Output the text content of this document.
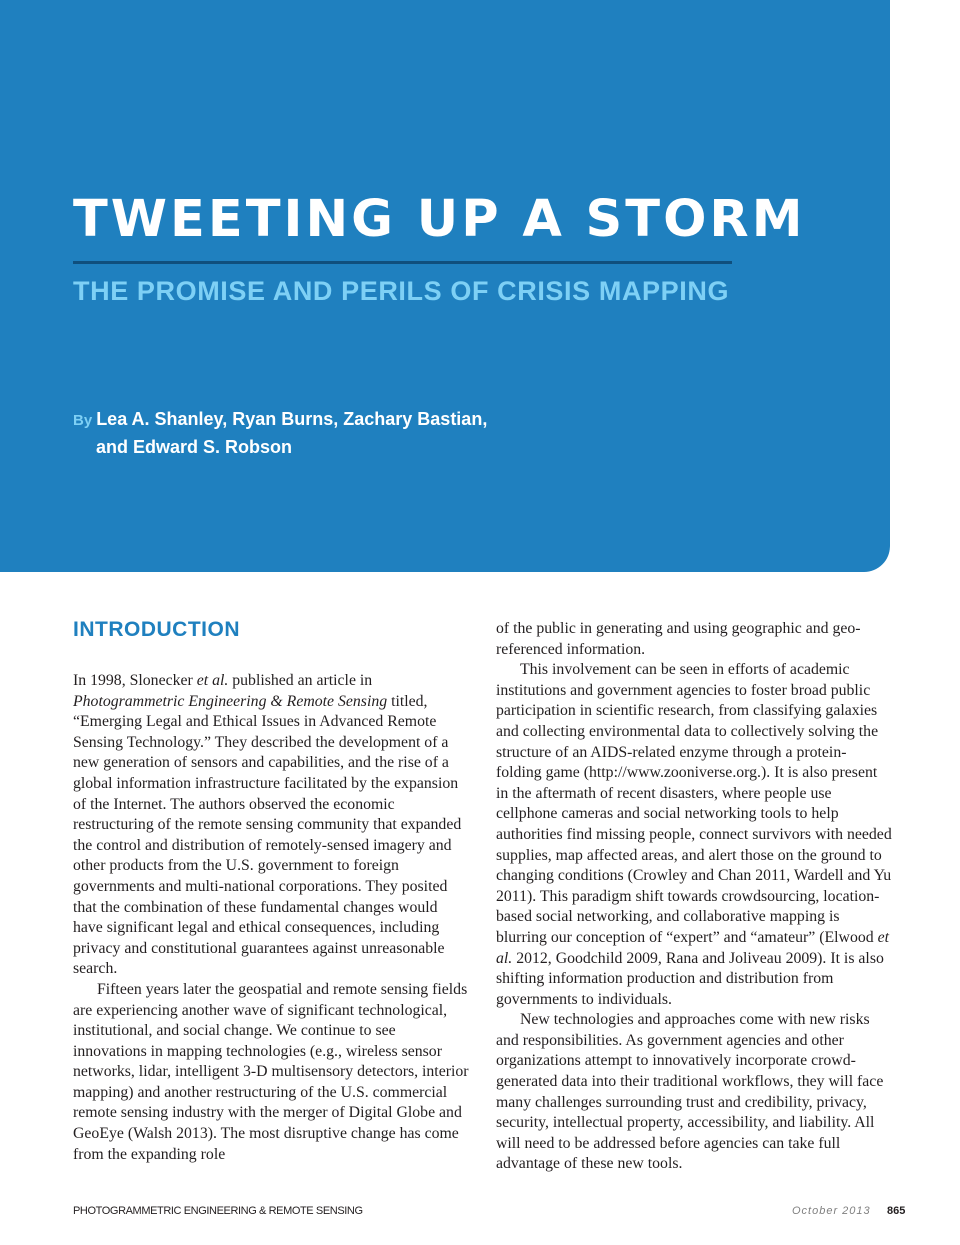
TWEETING UP A STORM
THE PROMISE AND PERILS OF CRISIS MAPPING
By Lea A. Shanley, Ryan Burns, Zachary Bastian,
and Edward S. Robson
INTRODUCTION

In 1998, Slonecker et al. published an article in Photogrammetric Engineering & Remote Sensing titled, “Emerging Legal and Ethical Issues in Advanced Remote Sensing Technology.” They described the development of a new generation of sensors and capabilities, and the rise of a global information infrastructure facilitated by the expansion of the Internet. The authors observed the economic restructuring of the remote sensing community that expanded the control and distribution of remotely-sensed imagery and other products from the U.S. government to foreign governments and multi-national corporations. They posited that the combination of these fundamental changes would have significant legal and ethical consequences, including privacy and constitutional guarantees against unreasonable search.

Fifteen years later the geospatial and remote sensing fields are experiencing another wave of significant technological, institutional, and social change. We continue to see innovations in mapping technologies (e.g., wireless sensor networks, lidar, intelligent 3-D multisensory detectors, interior mapping) and another restructuring of the U.S. commercial remote sensing industry with the merger of Digital Globe and GeoEye (Walsh 2013). The most disruptive change has come from the expanding role

of the public in generating and using geographic and geo-referenced information.

This involvement can be seen in efforts of academic institutions and government agencies to foster broad public participation in scientific research, from classifying galaxies and collecting environmental data to collectively solving the structure of an AIDS-related enzyme through a protein-folding game (http://www.zooniverse.org.). It is also present in the aftermath of recent disasters, where people use cellphone cameras and social networking tools to help authorities find missing people, connect survivors with needed supplies, map affected areas, and alert those on the ground to changing conditions (Crowley and Chan 2011, Wardell and Yu 2011). This paradigm shift towards crowdsourcing, location-based social networking, and collaborative mapping is blurring our conception of “expert” and “amateur” (Elwood et al. 2012, Goodchild 2009, Rana and Joliveau 2009). It is also shifting information production and distribution from governments to individuals.

New technologies and approaches come with new risks and responsibilities. As government agencies and other organizations attempt to innovatively incorporate crowd-generated data into their traditional workflows, they will face many challenges surrounding trust and credibility, privacy, security, intellectual property, accessibility, and liability. All will need to be addressed before agencies can take full advantage of these new tools.

PHOTOGRAMMETRIC ENGINEERING & REMOTE SENSING	October 2013 865
